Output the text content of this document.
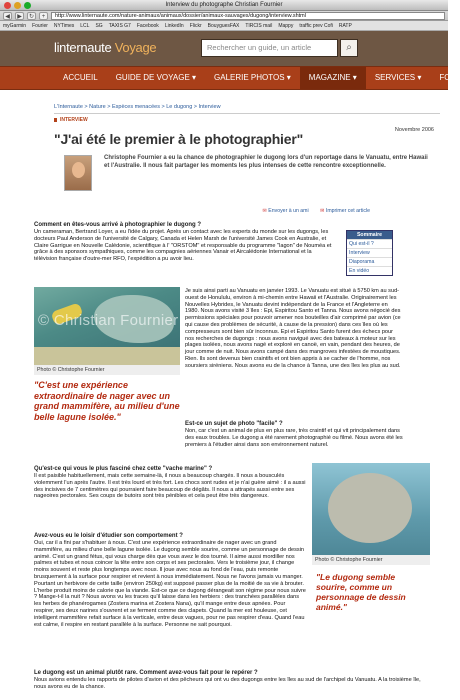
Interview du photographe Christian Fournier
◀	▶	↻	+	http://www.linternaute.com/nature-animaux/animaux/dossier/animaux-sauvages/dugong/interview.shtml
myGarmin Fourier NYTimes LCL SG TAXIS G7 Facebook LinkedIn Flickr BouyguesFAX TIRCIS mail Mappy traffic prev Cofi RATP
linternaute Voyage	Rechercher un guide, un article	⌕
ACCUEIL	GUIDE DE VOYAGE ▾	GALERIE PHOTOS ▾	MAGAZINE ▾	SERVICES ▾	FO
L'Internaute > Nature > Espèces menacées > Le dugong > Interview
INTERVIEW
Novembre 2006
"J'ai été le premier à le photographier"
Christophe Fournier a eu la chance de photographier le dugong lors d'un reportage dans le Vanuatu, entre Hawaii et l'Australie. Il nous fait partager les moments les plus intenses de cette rencontre exceptionnelle.
✉ Envoyer à un ami ✉	Imprimer cet article
Comment en êtes-vous arrivé à photographier le dugong ?
Un cameraman, Bertrand Loyer, a eu l'idée du projet. Après un contact avec les experts du monde sur les dugongs, les docteurs Paul Anderson de l'université de Calgary, Canada et Helen Marsh de l'université James Cook en Australie, et Claire Garrigue en Nouvelle Calédonie, scientifique à l' "ORSTOM" et responsable du programme "lagon" de Nouméa et grâce à des sponsors sympathiques, comme les compagnies aériennes Vanair et Aircalédonie International et la télévision française d'outre-mer RFO, l'expédition a pu avoir lieu.
Sommaire
Qui est-il ?
Interview
Diaporama
En vidéo
Photo © Christophe Fournier
"C'est une expérience extraordinaire de nager avec un grand mammifère, au milieu d'une belle lagune isolée."
Je suis ainsi parti au Vanuatu en janvier 1993. Le Vanuatu est situé à 5750 km au sud-ouest de Honululu, environ à mi-chemin entre Hawaii et l'Australie. Originairement les Nouvelles Hybrides, le Vanuatu devint indépendant de la France et l'Angleterre en 1980. Nous avons visité 3 îles : Epi, Espiritou Santo et Tanna. Nous avons négocié des permissions spéciales pour pouvoir amener nos bouteilles d'air comprimé par avion (ce qui cause des problèmes de sécurité, à cause de la pression) dans ces îles où les compresseurs sont bien sûr inconnus. Epi et Espiritou Santo furent des échecs pour nos recherches de dugongs : nous avons navigué avec des bateaux à moteur sur les plages isolées, nous avons nagé et exploré en canoë, en vain, pendant des heures, de jour comme de nuit. Nous avons campé dans des mangroves infestées de moustiques. Rien. Ils sont devenus bien craintifs et ont bien appris à se cacher de l'homme, nos soursiers siréniens. Nous avons eu de la chance à Tanna, une des îles les plus au sud.
Est-ce un sujet de photo "facile" ?
Non, car c'est un animal de plus en plus rare, très craintif et qui vit principalement dans des eaux troubles. Le dugong a été rarement photographié ou filmé. Nous avons été les premiers à l'étudier ainsi dans son environnement naturel.
Qu'est-ce qui vous le plus fasciné chez cette "vache marine" ?
Il est paisible habituellement, mais cette semaine-là, il nous a beaucoup chargés. Il nous a bousculés violemment l'un après l'autre. Il est très lourd et très fort. Les chocs sont rudes et je n'ai guère aimé : il a aussi des incisives de 7 centimètres qui pourraient faire beaucoup de dégâts. Il nous a attrapés aussi entre ses nageoires pectorales. Ses coups de butoirs sont très pénibles et cela peut être très dangereux.
Photo © Christophe Fournier
"Le dugong semble sourire, comme un personnage de dessin animé."
Avez-vous eu le loisir d'étudier son comportement ?
Oui, car il a fini par s'habituer à nous. C'est une expérience extraordinaire de nager avec un grand mammifère, au milieu d'une belle lagune isolée. Le dugong semble sourire, comme un personnage de dessin animé. C'est un grand fétus, qui vous charge dès que vous avez le dos tourné. Il aime aussi mordiller nos palmes et tubes et nous coincer la tête entre son corps et ses pectorales. Vers le troisième jour, il change moins souvent et reste plus longtemps avec nous. Il joue avec nous au fond de l'eau, puis remonte brusquement à la surface pour respirer et revient à nous immédiatement. Nous ne l'avons jamais vu manger. Pourtant un herbivore de cette taille (environ 250kg) est supposé passer plus de la moitié de sa vie à brouter. L'herbe produit moins de calorie que la viande. Est-ce que ce dugong dérangeait son régime pour nous suivre ? Mange-t-il la nuit ? Nous avons vu les traces qu'il laisse dans les herbiers : des tranchées parallèles dans les herbes de phanérogames (Zostera marina et Zostera Nana), qu'il mange entre deux apnées. Pour respirer, ses deux narines s'ouvrent et se ferment comme des clapets. Quand la mer est houleuse, cet intelligent mammifère refait surface à la verticale, entre deux vagues, pour ne pas respirer d'eau. Quand l'eau est calme, il respire en restant parallèle à la surface. Personne ne sait pourquoi.
Le dugong est un animal plutôt rare. Comment avez-vous fait pour le repérer ?
Nous avions entendu les rapports de pilotes d'avion et des pêcheurs qui ont vu des dugongs entre les îles au sud de l'archipel du Vanuatu. A la troisième île, nous avons eu de la chance.
© Christian Fournier
